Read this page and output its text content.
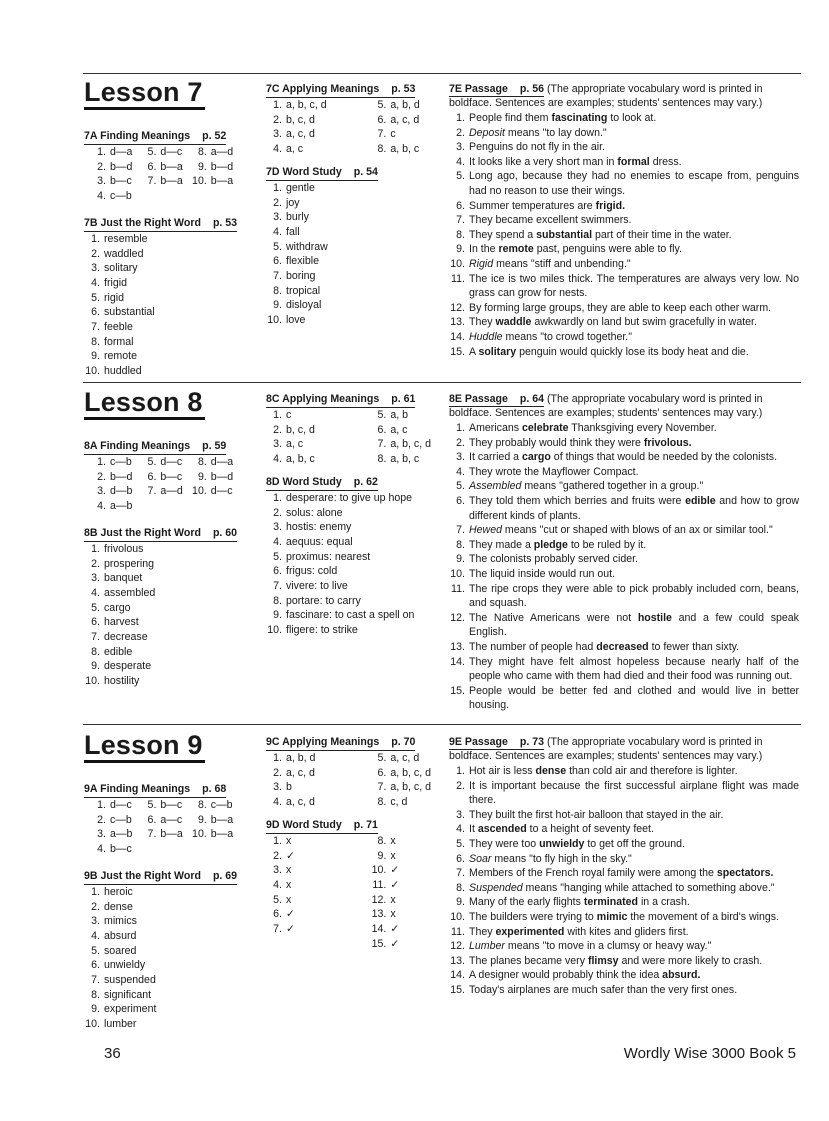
Lesson 7
7A Finding Meanings p. 52
1. d—a
2. b—d
3. b—c
4. c—b
5. d—c
6. b—a
7. b—a
8. a—d
9. b—d
10. b—a
7B Just the Right Word p. 53
1. resemble
2. waddled
3. solitary
4. frigid
5. rigid
6. substantial
7. feeble
8. formal
9. remote
10. huddled
7C Applying Meanings p. 53
1. a, b, c, d
2. b, c, d
3. a, c, d
4. a, c
5. a, b, d
6. a, c, d
7. c
8. a, b, c
7D Word Study p. 54
1. gentle
2. joy
3. burly
4. fall
5. withdraw
6. flexible
7. boring
8. tropical
9. disloyal
10. love
7E Passage p. 56 (The appropriate vocabulary word is printed in boldface. Sentences are examples; students' sentences may vary.)
1. People find them fascinating to look at.
2. Deposit means "to lay down."
3. Penguins do not fly in the air.
4. It looks like a very short man in formal dress.
5. Long ago, because they had no enemies to escape from, penguins had no reason to use their wings.
6. Summer temperatures are frigid.
7. They became excellent swimmers.
8. They spend a substantial part of their time in the water.
9. In the remote past, penguins were able to fly.
10. Rigid means "stiff and unbending."
11. The ice is two miles thick. The temperatures are always very low. No grass can grow for nests.
12. By forming large groups, they are able to keep each other warm.
13. They waddle awkwardly on land but swim gracefully in water.
14. Huddle means "to crowd together."
15. A solitary penguin would quickly lose its body heat and die.
Lesson 8
8A Finding Meanings p. 59
1. c—b
2. b—d
3. d—b
4. a—b
5. d—c
6. b—c
7. a—d
8. d—a
9. b—d
10. d—c
8B Just the Right Word p. 60
1. frivolous
2. prospering
3. banquet
4. assembled
5. cargo
6. harvest
7. decrease
8. edible
9. desperate
10. hostility
8C Applying Meanings p. 61
1. c
2. b, c, d
3. a, c
4. a, b, c
5. a, b
6. a, c
7. a, b, c, d
8. a, b, c
8D Word Study p. 62
1. desperare: to give up hope
2. solus: alone
3. hostis: enemy
4. aequus: equal
5. proximus: nearest
6. frigus: cold
7. vivere: to live
8. portare: to carry
9. fascinare: to cast a spell on
10. fligere: to strike
8E Passage p. 64 (The appropriate vocabulary word is printed in boldface. Sentences are examples; students' sentences may vary.)
1. Americans celebrate Thanksgiving every November.
2. They probably would think they were frivolous.
3. It carried a cargo of things that would be needed by the colonists.
4. They wrote the Mayflower Compact.
5. Assembled means "gathered together in a group."
6. They told them which berries and fruits were edible and how to grow different kinds of plants.
7. Hewed means "cut or shaped with blows of an ax or similar tool."
8. They made a pledge to be ruled by it.
9. The colonists probably served cider.
10. The liquid inside would run out.
11. The ripe crops they were able to pick probably included corn, beans, and squash.
12. The Native Americans were not hostile and a few could speak English.
13. The number of people had decreased to fewer than sixty.
14. They might have felt almost hopeless because nearly half of the people who came with them had died and their food was running out.
15. People would be better fed and clothed and would live in better housing.
Lesson 9
9A Finding Meanings p. 68
1. d—c
2. c—b
3. a—b
4. b—c
5. b—c
6. a—c
7. b—a
8. c—b
9. b—a
10. b—a
9B Just the Right Word p. 69
1. heroic
2. dense
3. mimics
4. absurd
5. soared
6. unwieldy
7. suspended
8. significant
9. experiment
10. lumber
9C Applying Meanings p. 70
1. a, b, d
2. a, c, d
3. b
4. a, c, d
5. a, c, d
6. a, b, c, d
7. a, b, c, d
8. c, d
9D Word Study p. 71
1. x
2. ✓
3. x
4. x
5. x
6. ✓
7. ✓
8. x
9. x
10. ✓
11. ✓
12. x
13. x
14. ✓
15. ✓
9E Passage p. 73 (The appropriate vocabulary word is printed in boldface. Sentences are examples; students' sentences may vary.)
1. Hot air is less dense than cold air and therefore is lighter.
2. It is important because the first successful airplane flight was made there.
3. They built the first hot-air balloon that stayed in the air.
4. It ascended to a height of seventy feet.
5. They were too unwieldy to get off the ground.
6. Soar means "to fly high in the sky."
7. Members of the French royal family were among the spectators.
8. Suspended means "hanging while attached to something above."
9. Many of the early flights terminated in a crash.
10. The builders were trying to mimic the movement of a bird's wings.
11. They experimented with kites and gliders first.
12. Lumber means "to move in a clumsy or heavy way."
13. The planes became very flimsy and were more likely to crash.
14. A designer would probably think the idea absurd.
15. Today's airplanes are much safer than the very first ones.
36	Wordly Wise 3000 Book 5
